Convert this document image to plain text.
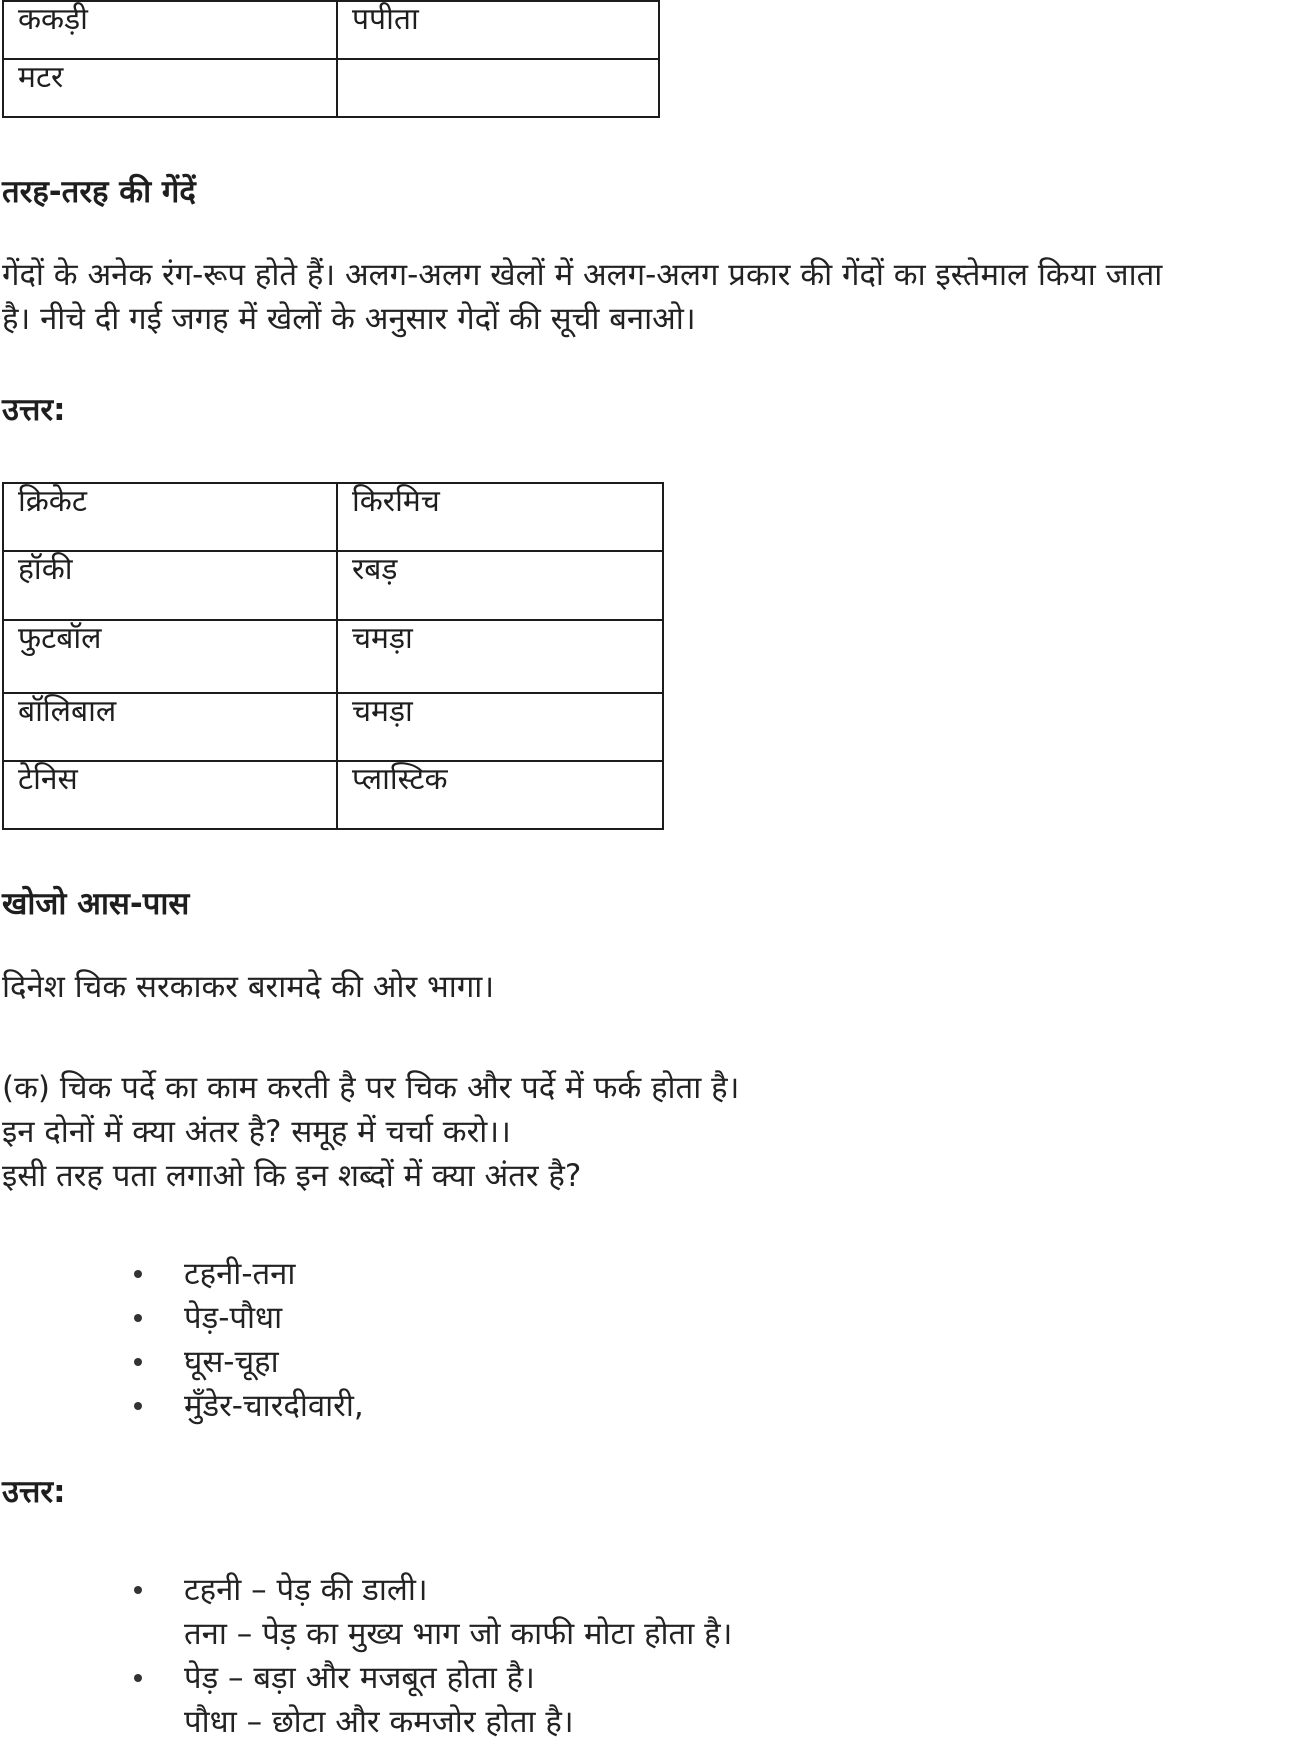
ककड़ी	पपीता
मटर	
तरह-तरह की गेंदें
गेंदों के अनेक रंग-रूप होते हैं। अलग-अलग खेलों में अलग-अलग प्रकार की गेंदों का इस्तेमाल किया जाता
है। नीचे दी गई जगह में खेलों के अनुसार गेदों की सूची बनाओ।
उत्तर:
क्रिकेट	किरमिच
हॉकी	रबड़
फुटबॉल	चमड़ा
बॉलिबाल	चमड़ा
टेनिस	प्लास्टिक
खोजो आस-पास
दिनेश चिक सरकाकर बरामदे की ओर भागा।
(क) चिक पर्दे का काम करती है पर चिक और पर्दे में फर्क होता है।
इन दोनों में क्या अंतर है? समूह में चर्चा करो।।
इसी तरह पता लगाओ कि इन शब्दों में क्या अंतर है?
टहनी-तना
पेड़-पौधा
घूस-चूहा
मुँडेर-चारदीवारी,
उत्तर:
टहनी – पेड़ की डाली।
तना – पेड़ का मुख्य भाग जो काफी मोटा होता है।
पेड़ – बड़ा और मजबूत होता है।
पौधा – छोटा और कमजोर होता है।
